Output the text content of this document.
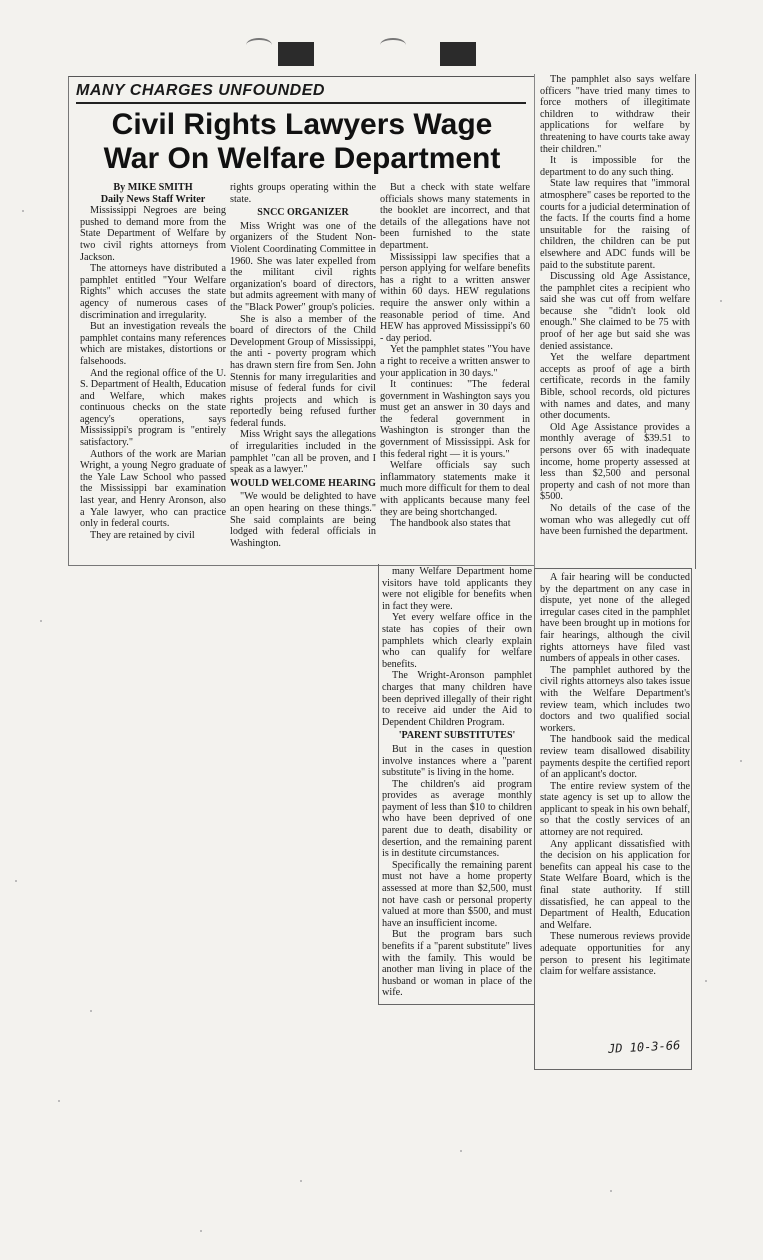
MANY CHARGES UNFOUNDED
Civil Rights Lawyers Wage
War On Welfare Department

By MIKE SMITH

Daily News Staff Writer

Mississippi Negroes are being pushed to demand more from the State Department of Welfare by two civil rights attorneys from Jackson.

The attorneys have distributed a pamphlet entitled "Your Welfare Rights" which accuses the state agency of numerous cases of discrimination and irregularity.

But an investigation reveals the pamphlet contains many references which are mistakes, distortions or falsehoods.

And the regional office of the U. S. Department of Health, Education and Welfare, which makes continuous checks on the state agency's operations, says Mississippi's program is "entirely satisfactory."

Authors of the work are Marian Wright, a young Negro graduate of the Yale Law School who passed the Mississippi bar examination last year, and Henry Aronson, also a Yale lawyer, who can practice only in federal courts.

They are retained by civil

rights groups operating within the state.

SNCC ORGANIZER

Miss Wright was one of the organizers of the Student Non-Violent Coordinating Committee in 1960. She was later expelled from the militant civil rights organization's board of directors, but admits agreement with many of the "Black Power" group's policies.

She is also a member of the board of directors of the Child Development Group of Mississippi, the anti - poverty program which has drawn stern fire from Sen. John Stennis for many irregularities and misuse of federal funds for civil rights projects and which is reportedly being refused further federal funds.

Miss Wright says the allegations of irregularities included in the pamphlet "can all be proven, and I speak as a lawyer."

WOULD WELCOME HEARING

"We would be delighted to have an open hearing on these things." She said complaints are being lodged with federal officials in Washington.

But a check with state welfare officials shows many statements in the booklet are incorrect, and that details of the allegations have not been furnished to the state department.

Mississippi law specifies that a person applying for welfare benefits has a right to a written answer within 60 days. HEW regulations require the answer only within a reasonable period of time. And HEW has approved Mississippi's 60 - day period.

Yet the pamphlet states "You have a right to receive a written answer to your application in 30 days."

It continues: "The federal government in Washington says you must get an answer in 30 days and the federal government in Washington is stronger than the government of Mississippi. Ask for this federal right — it is yours."

Welfare officials say such inflammatory statements make it much more difficult for them to deal with applicants because many feel they are being shortchanged.

The handbook also states that

many Welfare Department home visitors have told applicants they were not eligible for benefits when in fact they were.

Yet every welfare office in the state has copies of their own pamphlets which clearly explain who can qualify for welfare benefits.

The Wright-Aronson pamphlet charges that many children have been deprived illegally of their right to receive aid under the Aid to Dependent Children Program.

'PARENT SUBSTITUTES'

But in the cases in question involve instances where a "parent substitute" is living in the home.

The children's aid program provides as average monthly payment of less than $10 to children who have been deprived of one parent due to death, disability or desertion, and the remaining parent is in destitute circumstances.

Specifically the remaining parent must not have a home property assessed at more than $2,500, must not have cash or personal property valued at more than $500, and must have an insufficient income.

But the program bars such benefits if a "parent substitute" lives with the family. This would be another man living in place of the husband or woman in place of the wife.

The pamphlet also says welfare officers "have tried many times to force mothers of illegitimate children to withdraw their applications for welfare by threatening to have courts take away their children."

It is impossible for the department to do any such thing.

State law requires that "immoral atmosphere" cases be reported to the courts for a judicial determination of the facts. If the courts find a home unsuitable for the raising of children, the children can be put elsewhere and ADC funds will be paid to the substitute parent.

Discussing old Age Assistance, the pamphlet cites a recipient who said she was cut off from welfare because she "didn't look old enough." She claimed to be 75 with proof of her age but said she was denied assistance.

Yet the welfare department accepts as proof of age a birth certificate, records in the family Bible, school records, old pictures with names and dates, and many other documents.

Old Age Assistance provides a monthly average of $39.51 to persons over 65 with inadequate income, home property assessed at less than $2,500 and personal property and cash of not more than $500.

No details of the case of the woman who was allegedly cut off have been furnished the department.

A fair hearing will be conducted by the department on any case in dispute, yet none of the alleged irregular cases cited in the pamphlet have been brought up in motions for fair hearings, although the civil rights attorneys have filed vast numbers of appeals in other cases.

The pamphlet authored by the civil rights attorneys also takes issue with the Welfare Department's review team, which includes two doctors and two qualified social workers.

The handbook said the medical review team disallowed disability payments despite the certified report of an applicant's doctor.

The entire review system of the state agency is set up to allow the applicant to speak in his own behalf, so that the costly services of an attorney are not required.

Any applicant dissatisfied with the decision on his application for benefits can appeal his case to the State Welfare Board, which is the final state authority. If still dissatisfied, he can appeal to the Department of Health, Education and Welfare.

These numerous reviews provide adequate opportunities for any person to present his legitimate claim for welfare assistance.

JD 10-3-66
